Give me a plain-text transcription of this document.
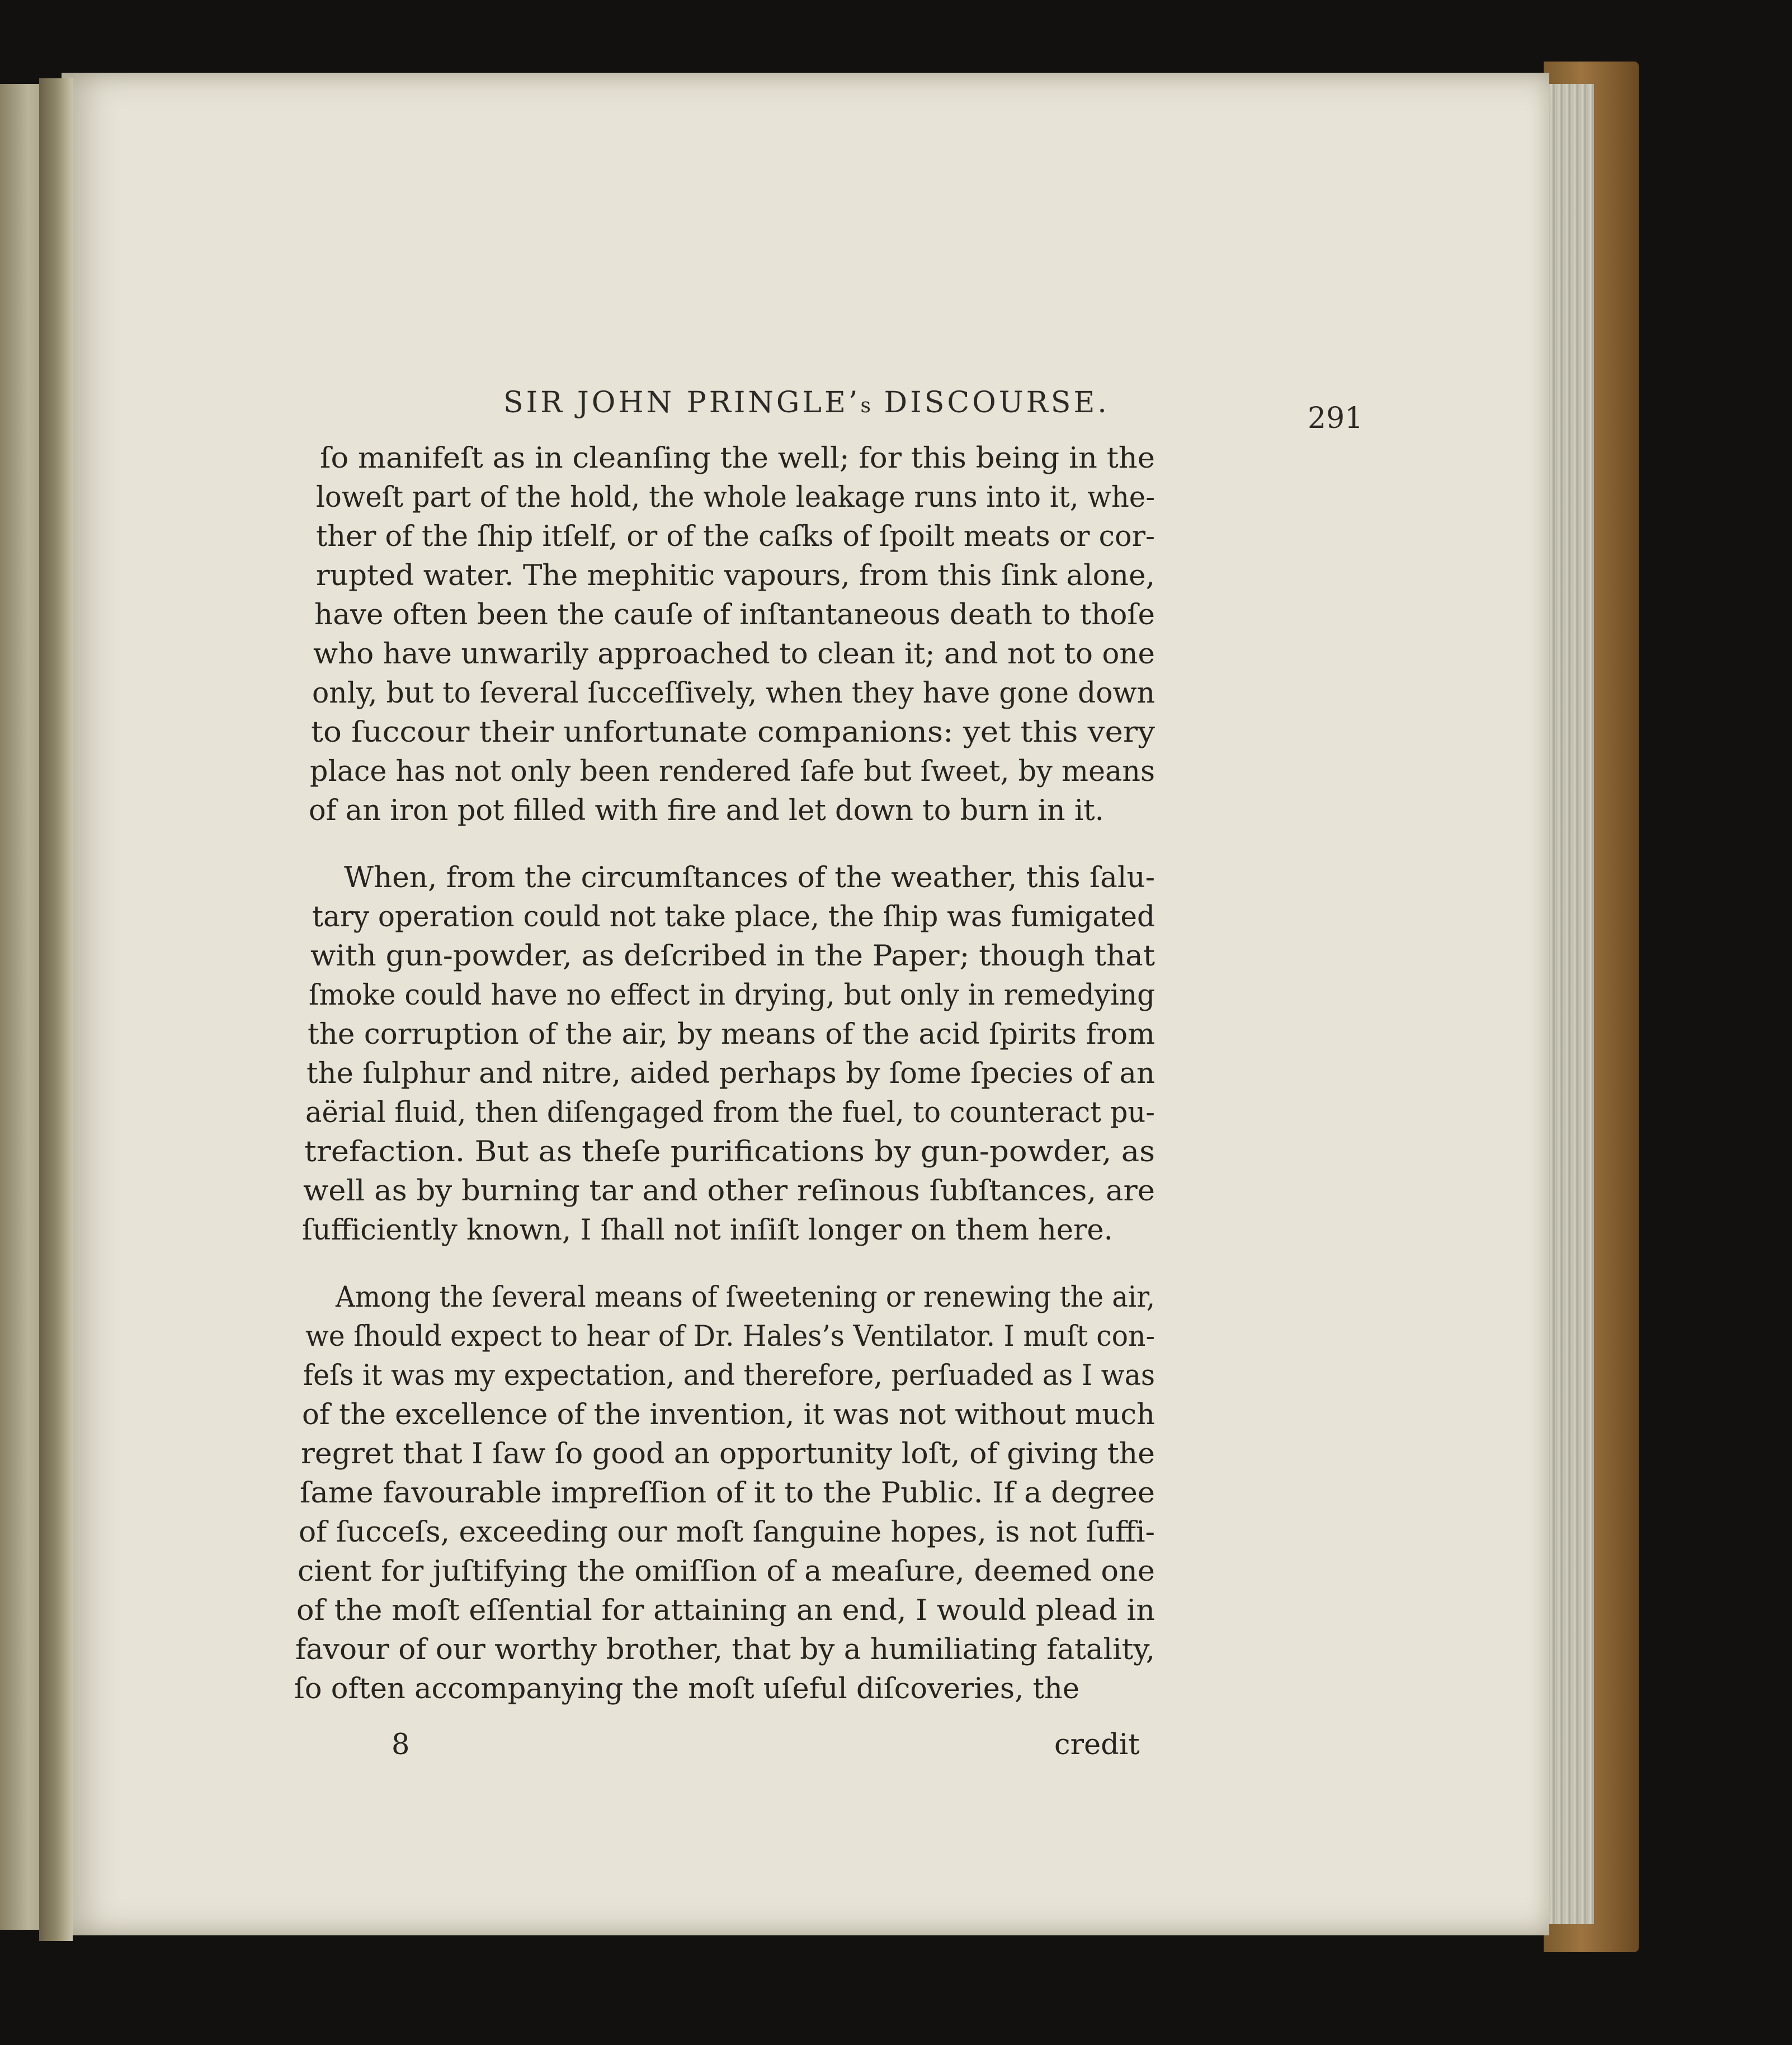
SIR JOHN PRINGLE’s DISCOURSE.	291
ſo manifeſt as in cleanſing the well; for this being in the
loweſt part of the hold, the whole leakage runs into it, whe-
ther of the ſhip itſelf, or of the caſks of ſpoilt meats or cor-
rupted water. The mephitic vapours, from this ſink alone,
have often been the cauſe of inſtantaneous death to thoſe
who have unwarily approached to clean it; and not to one
only, but to ſeveral ſucceſſively, when they have gone down
to ſuccour their unfortunate companions: yet this very
place has not only been rendered ſafe but ſweet, by means
of an iron pot filled with fire and let down to burn in it.
When, from the circumſtances of the weather, this ſalu-
tary operation could not take place, the ſhip was fumigated
with gun-powder, as deſcribed in the Paper; though that
ſmoke could have no effect in drying, but only in remedying
the corruption of the air, by means of the acid ſpirits from
the ſulphur and nitre, aided perhaps by ſome ſpecies of an
aërial fluid, then diſengaged from the fuel, to counteract pu-
trefaction. But as theſe purifications by gun-powder, as
well as by burning tar and other reſinous ſubſtances, are
ſufficiently known, I ſhall not inſiſt longer on them here.
Among the ſeveral means of ſweetening or renewing the air,
we ſhould expect to hear of Dr. Hales’s Ventilator. I muſt con-
feſs it was my expectation, and therefore, perſuaded as I was
of the excellence of the invention, it was not without much
regret that I ſaw ſo good an opportunity loſt, of giving the
ſame favourable impreſſion of it to the Public. If a degree
of ſucceſs, exceeding our moſt ſanguine hopes, is not ſuffi-
cient for juſtifying the omiſſion of a meaſure, deemed one
of the moſt eſſential for attaining an end, I would plead in
favour of our worthy brother, that by a humiliating fatality,
ſo often accompanying the moſt uſeful diſcoveries, the
8	credit
